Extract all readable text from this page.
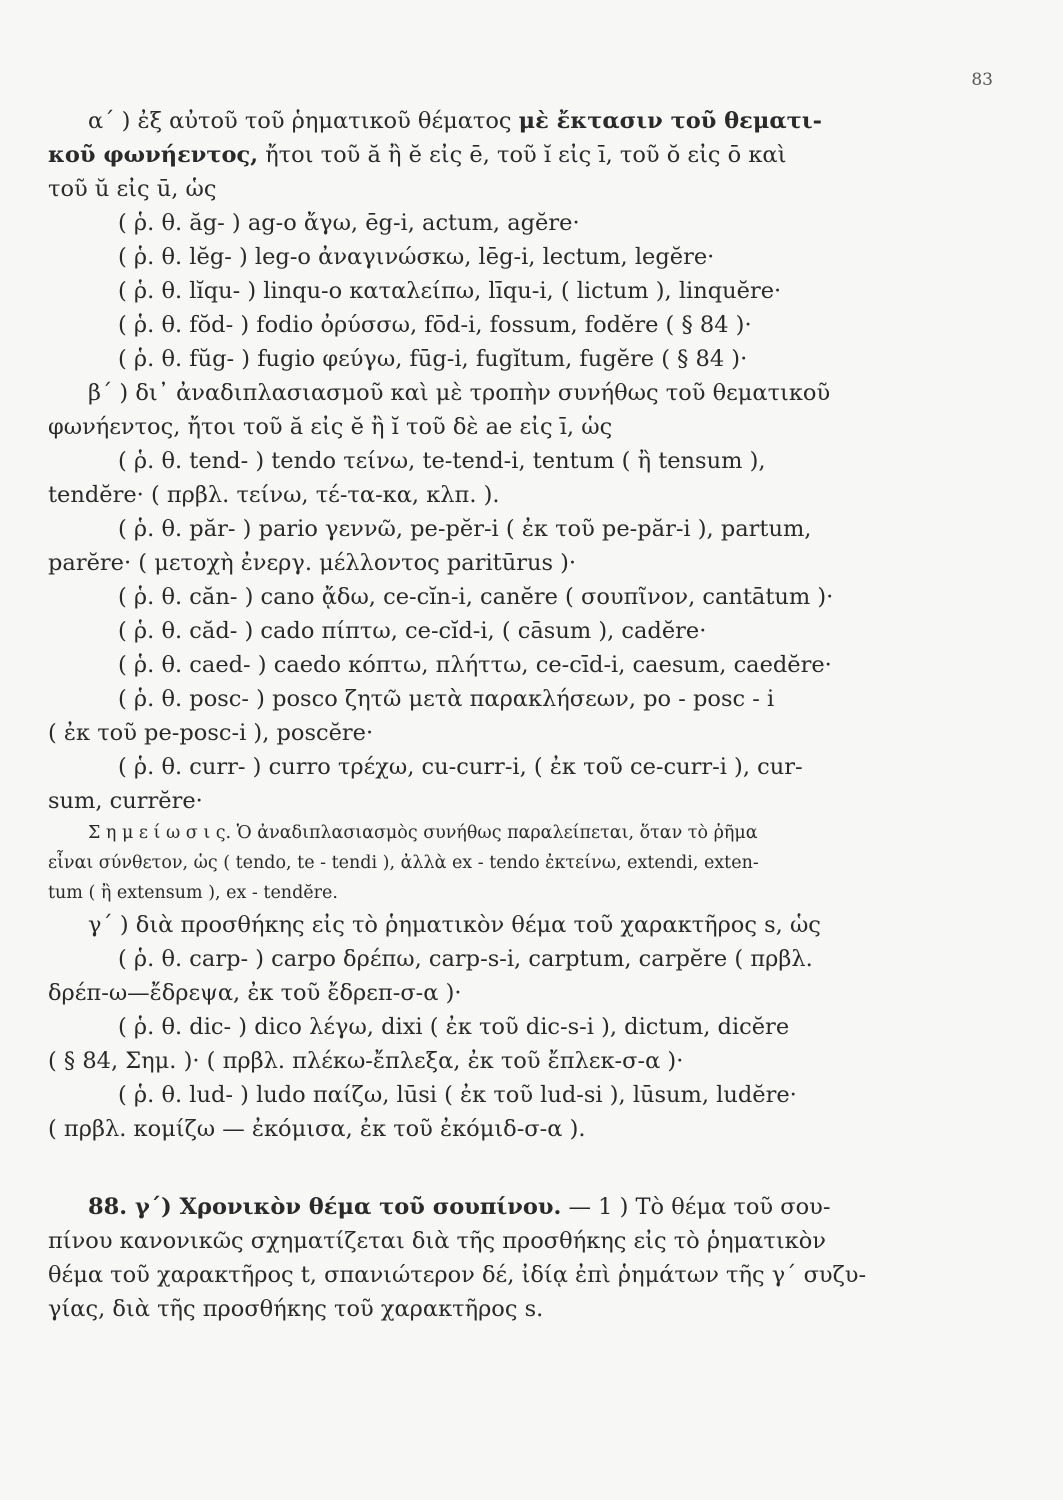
83
α΄ ) ἐξ αὐτοῦ τοῦ ῥηματικοῦ θέματος μὲ ἔκτασιν τοῦ θεματι-
κοῦ φωνήεντος, ἤτοι τοῦ ă ἢ ĕ εἰς ē, τοῦ ĭ εἰς ī, τοῦ ŏ εἰς ō καὶ
τοῦ ŭ εἰς ū, ὡς
( ῥ. θ. ăg- ) ag-o ἄγω, ēg-i, actum, agĕre·
( ῥ. θ. lĕg- ) leg-o ἀναγινώσκω, lēg-i, lectum, legĕre·
( ῥ. θ. lĭqu- ) linqu-o καταλείπω, līqu-i, ( lictum ), linquĕre·
( ῥ. θ. fŏd- ) fodio ὀρύσσω, fōd-i, fossum, fodĕre ( § 84 )·
( ῥ. θ. fŭg- ) fugio φεύγω, fūg-i, fugĭtum, fugĕre ( § 84 )·
β΄ ) δι᾽ ἀναδιπλασιασμοῦ καὶ μὲ τροπὴν συνήθως τοῦ θεματικοῦ
φωνήεντος, ἤτοι τοῦ ă εἰς ĕ ἢ ĭ τοῦ δὲ ae εἰς ī, ὡς
( ῥ. θ. tend- ) tendo τείνω, te-tend-i, tentum ( ἢ tensum ),
tendĕre· ( πρβλ. τείνω, τέ-τα-κα, κλπ. ).
( ῥ. θ. păr- ) pario γεννῶ, pe-pĕr-i ( ἐκ τοῦ pe-păr-i ), partum,
parĕre· ( μετοχὴ ἐνεργ. μέλλοντος paritūrus )·
( ῥ. θ. căn- ) cano ᾄδω, ce-cĭn-i, canĕre ( σουπῖνον, cantātum )·
( ῥ. θ. căd- ) cado πίπτω, ce-cĭd-i, ( cāsum ), cadĕre·
( ῥ. θ. caed- ) caedo κόπτω, πλήττω, ce-cīd-i, caesum, caedĕre·
( ῥ. θ. posc- ) posco ζητῶ μετὰ παρακλήσεων, po - posc - i
( ἐκ τοῦ pe-posc-i ), poscĕre·
( ῥ. θ. curr- ) curro τρέχω, cu-curr-i, ( ἐκ τοῦ ce-curr-i ), cur-
sum, currĕre·
Σ η μ ε ί ω σ ι ς. Ὁ ἀναδιπλασιασμὸς συνήθως παραλείπεται, ὅταν τὸ ῥῆμα
εἶναι σύνθετον, ὡς ( tendo, te - tendi ), ἀλλὰ ex - tendo ἐκτείνω, extendi, exten-
tum ( ἢ extensum ), ex - tendĕre.
γ΄ ) διὰ προσθήκης εἰς τὸ ῥηματικὸν θέμα τοῦ χαρακτῆρος s, ὡς
( ῥ. θ. carp- ) carpo δρέπω, carp-s-i, carptum, carpĕre ( πρβλ.
δρέπ-ω—ἔδρεψα, ἐκ τοῦ ἔδρεπ-σ-α )·
( ῥ. θ. dic- ) dico λέγω, dixi ( ἐκ τοῦ dic-s-i ), dictum, dicĕre
( § 84, Σημ. )· ( πρβλ. πλέκω-ἔπλεξα, ἐκ τοῦ ἔπλεκ-σ-α )·
( ῥ. θ. lud- ) ludo παίζω, lūsi ( ἐκ τοῦ lud-si ), lūsum, ludĕre·
( πρβλ. κομίζω — ἐκόμισα, ἐκ τοῦ ἐκόμιδ-σ-α ).
88. γ΄) Χρονικὸν θέμα τοῦ σουπίνου. — 1 ) Τὸ θέμα τοῦ σου-
πίνου κανονικῶς σχηματίζεται διὰ τῆς προσθήκης εἰς τὸ ῥηματικὸν
θέμα τοῦ χαρακτῆρος t, σπανιώτερον δέ, ἰδίᾳ ἐπὶ ῥημάτων τῆς γ΄ συζυ-
γίας, διὰ τῆς προσθήκης τοῦ χαρακτῆρος s.
